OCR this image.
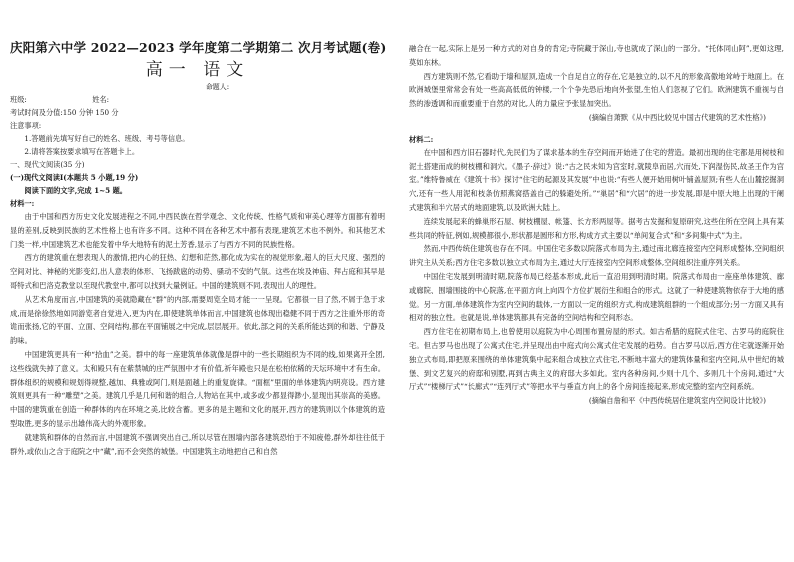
庆阳第六中学 2022—2023 学年度第二学期第二 次月考试题(卷)

高一 语文

命题人:

班级:	姓名:

考试时间及分值:150 分钟 150 分

注意事项:

1.答题前先填写好自己的姓名、班级、考号等信息。

2.请将答案按要求填写在答题卡上。

一、现代文阅读(35 分)

(一)现代文阅读Ⅰ(本题共 5 小题,19 分)

阅读下面的文字,完成 1~5 题。

材料一:

由于中国和西方历史文化发展进程之不同,中西民族在哲学观念、文化传统、性格气质和审美心理等方面都有着明显的差别,反映到民族的艺术性格上也有许多不同。这种不同在各种艺术中都有表现,建筑艺术也不例外。和其他艺术门类一样,中国建筑艺术也能发着中华大地特有的泥土芳香,显示了与西方不同的民族性格。

西方的建筑重在想表现人的激情,把内心的狂热、幻想和茫然,都化成为实在的视觉形象,超人的巨大尺度、强烈的空间对比、神秘的光影变幻,出人意表的体形、飞扬跋扈的动势、骚动不安的气氛。这些在埃及神庙、拜占庭和其早是哥特式和巴洛克教堂以至现代教堂中,都可以找到大量例证。中国的建筑则不同,表现出人的理性。

从艺术角度而言,中国建筑的美就隐藏在“群”的内部,需要周览全局才能一一呈现。它都很一目了然,不屑于急于求成,而是徐徐然地如同游览者自觉进入,更为内在,即使建筑单体而言,中国建筑也体现出稳健不同于西方之注重外形的奇诡而张扬,它的平面、立面、空间结构,都在平面铺展之中完成,层层展开。依此,部之间的关系所能达到的和谐、宁静及韵味。

中国建筑更具有一种“拾血”之美。群中的每一座建筑单体就像是群中的一些长期组织为不同的线,如果离开全团,这些线就失掉了意义。太和殿只有在紫禁城的庄严氛围中才有价值,祈年殿也只是在松柏依稀的天坛环境中才有生命。群体组织的规模和规划得规整,越加、典雅或阿门,则是面越上的重复旋律。“面框”里面的单体建筑内明亮设。西方建筑则更具有一种“雕塑”之美。建筑几乎是几何和谐的组合,人物站在其中,或多或少都显得渺小,显现出其崇高的美感。中国的建筑重在创造一种群体的内在环境之美,比较含蓄。更多的是主题和文化的展开,西方的建筑则以个体建筑的造型取胜,更多的显示出雄伟高大的外观形象。

就建筑和群体的自然而言,中国建筑不强调突出自己,所以尽管在围墙内部各建筑恐怕于不知疲倦,群外却往往低于群外,或依山之含于庭院之中“藏”,而不会突然的城堡。中国建筑主动地把自己和自然

融合在一起,实际上是另一种方式的对自身的肯定;寺院藏于深山,寺也就成了深山的一部分。“托体同山阿”,更如这理,莫如东林。

西方建筑则不然,它看助于墙和屋顶,造成一个自足自立的存在,它是独立的,以不凡的形象高傲地耸峙于地面上。在欧洲城堡里常常会有处一些高高低低的钟楼,一个个争先恐后地向外张望,生怕人们忽视了它们。欧洲建筑不重视与自然的渗透调和而重要重于自然的对比,人的力量应予张显加突出。

(摘编自萧默《从中西比较见中国古代建筑的艺术性格》)

材料二:

在中国和西方旧石器时代,先民们为了谋求基本的生存空间而开始进了住宅的营造。最初出现的住宅都是用树枝和泥土搭建而成的树枝棚和洞穴。《墨子·辞过》说:“古之民未知为宫室时,就陵阜而居,穴而处,下润湿伤民,故圣王作为宫室。”维特鲁威在《建筑十书》探讨“住宅的起源及其发展”中也说:“有些人便开始用树叶铺盖屋顶;有些人在山麓挖掘洞穴,还有一些人用泥和枝条仿照燕窝搭盖自己的躲避处所。”“巢居”和“穴居”的进一步发展,即是中原大地上出现的干阑式建筑和半穴居式的地面建筑,以及欧洲大陆上。

连续发展起来的蜂巢形石屋、树枝棚屋、帐篷、长方形两屋等。据考古发掘和复原研究,这些住所在空间上具有某些共同的特征,例如,规模都很小,形状都是圆形和方形,构成方式主要以“单间复合式”和“多间集中式”为主。

然而,中西传统住建筑也存在不同。中国住宅多数以院落式布局为主,通过南北廊连接室内空间形成整体,空间组织讲究主从关系;西方住宅多数以独立式布局为主,通过大厅连接室内空间形成整体,空间组织注重序列关系。

中国住宅发展到明清时期,院落布局已经基本形成,此后一直沿用到明清时期。院落式布局由一座座单体建筑、廊或廊院、围墙围拢的中心院落,在平面方向上向四个方位扩展衍生和组合的形式。这就了一种使建筑物依存于大地的感觉。另一方面,单体建筑作为室内空间的载体,一方面以一定的组织方式,构成建筑组群的一个组成部分;另一方面又具有相对的独立性。也就是说,单体建筑都具有完备的空间结构和空间形态。

西方住宅在初期布局上,也曾使用以庭院为中心周围布置房屋的形式。如古希腊的庭院式住宅、古罗马的庭院住宅。但古罗马也出现了公寓式住宅,并呈现出由中庭式向公寓式住宅发展的趋势。自古罗马以后,西方住宅就逐渐开始独立式布局,即把原来围绕的单体建筑集中起来组合成独立式住宅,不断地丰富大的建筑体量和室内空间,从中世纪的城堡、到文艺复兴的府邸和别墅,再到古典主义的府邸大多如此。室内各种房间,少则十几个、多则几十个房间,通过“大厅式”“楼梯厅式”“长廊式”“连列厅式”等把水平与垂直方向上的各个房间连接起来,形成完整的室内空间系统。

(摘编自詹和平《中西传统居住建筑室内空间设计比较》)
